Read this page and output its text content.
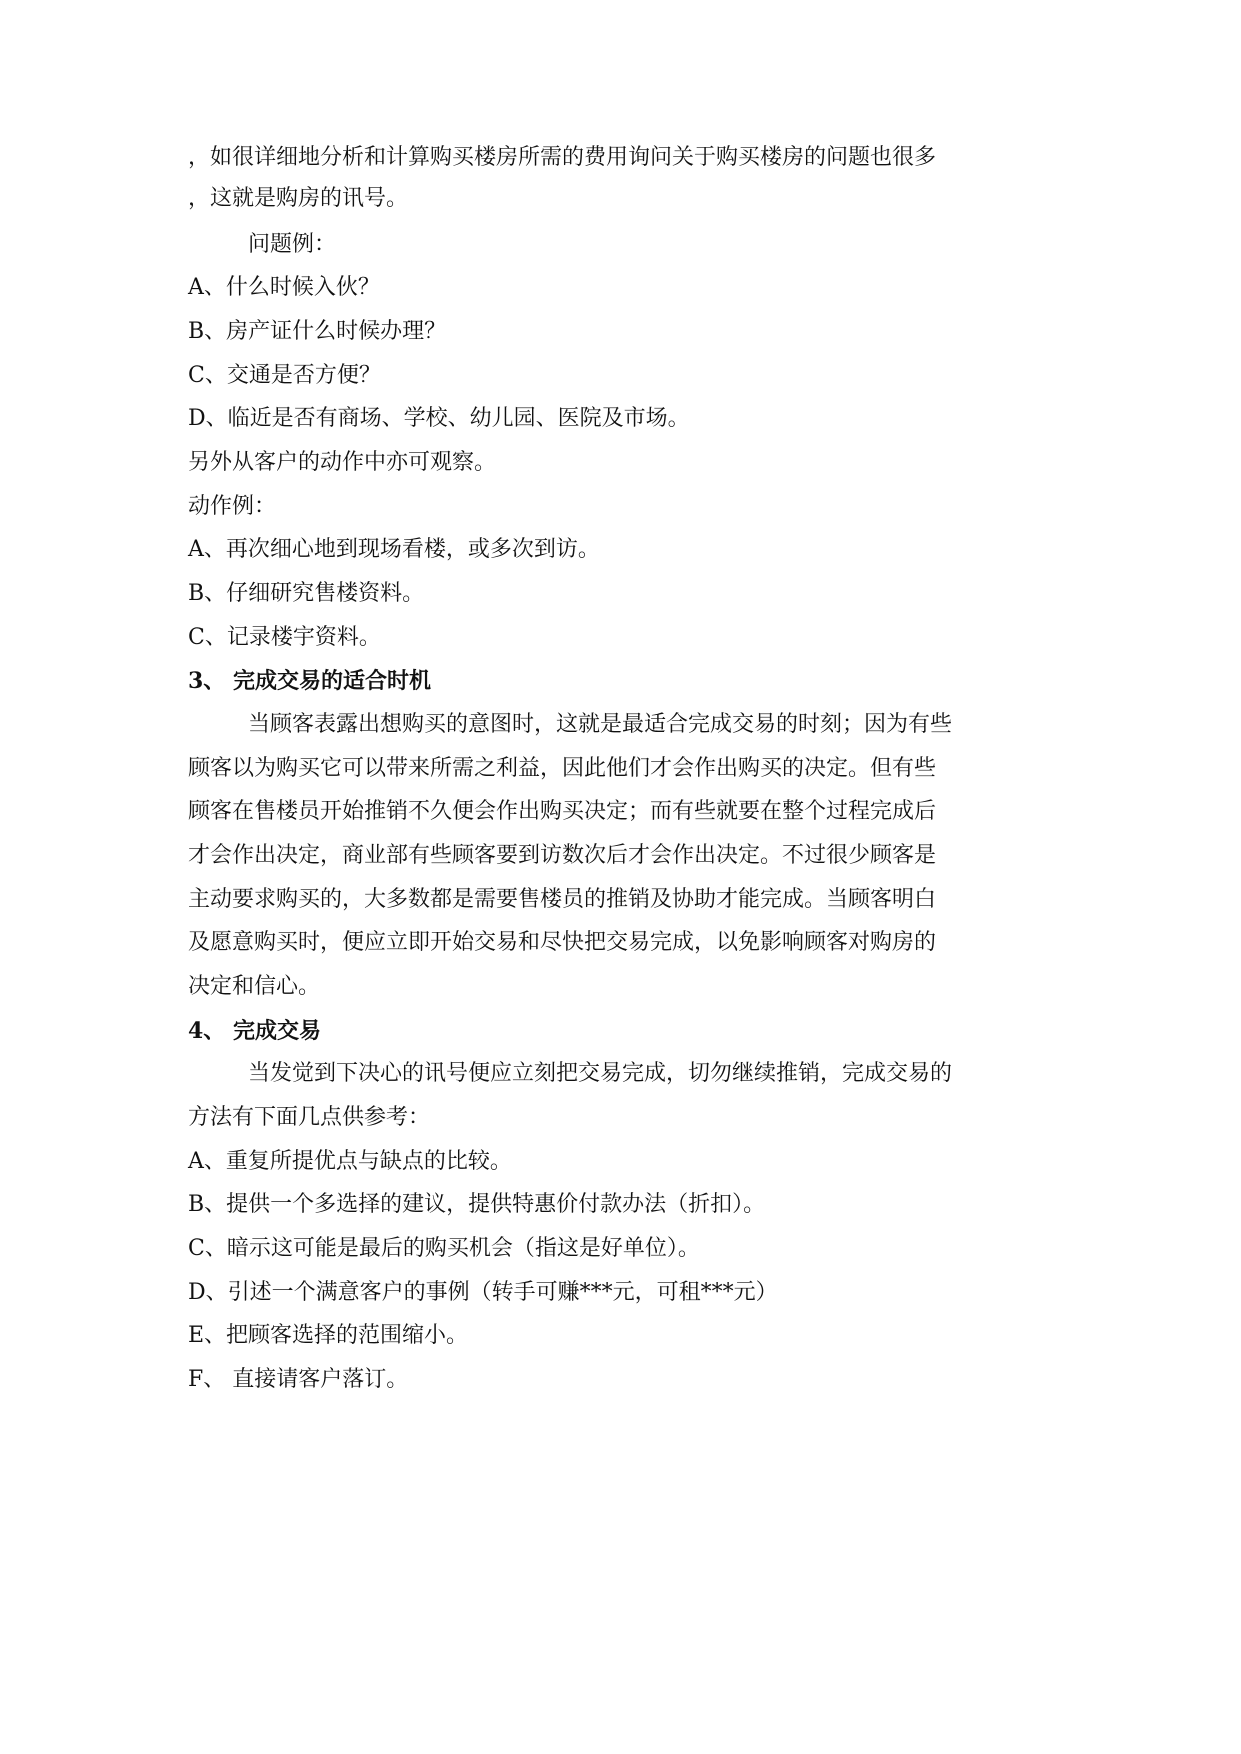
，如很详细地分析和计算购买楼房所需的费用询问关于购买楼房的问题也很多
，这就是购房的讯号。
问题例：
A、什么时候入伙？
B、房产证什么时候办理？
C、交通是否方便？
D、临近是否有商场、学校、幼儿园、医院及市场。
另外从客户的动作中亦可观察。
动作例：
A、再次细心地到现场看楼，或多次到访。
B、仔细研究售楼资料。
C、记录楼宇资料。
3、 完成交易的适合时机
当顾客表露出想购买的意图时，这就是最适合完成交易的时刻；因为有些
顾客以为购买它可以带来所需之利益，因此他们才会作出购买的决定。但有些
顾客在售楼员开始推销不久便会作出购买决定；而有些就要在整个过程完成后
才会作出决定，商业部有些顾客要到访数次后才会作出决定。不过很少顾客是
主动要求购买的，大多数都是需要售楼员的推销及协助才能完成。当顾客明白
及愿意购买时，便应立即开始交易和尽快把交易完成，以免影响顾客对购房的
决定和信心。
4、 完成交易
当发觉到下决心的讯号便应立刻把交易完成，切勿继续推销，完成交易的
方法有下面几点供参考：
A、重复所提优点与缺点的比较。
B、提供一个多选择的建议，提供特惠价付款办法（折扣）。
C、暗示这可能是最后的购买机会（指这是好单位）。
D、引述一个满意客户的事例（转手可赚***元，可租***元）
E、把顾客选择的范围缩小。
F、 直接请客户落订。
